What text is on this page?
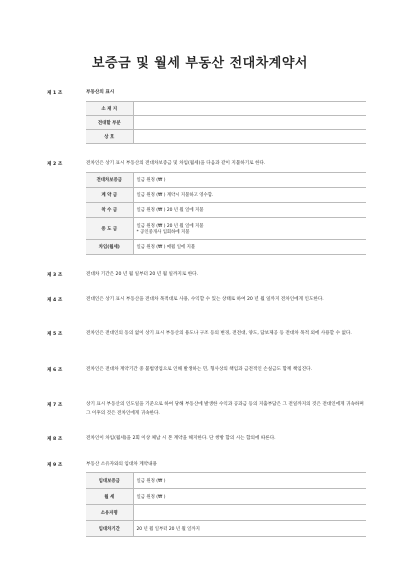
보증금 및 월세 부동산 전대차계약서
제 1 조	부동산의 표시
소 재 지	
전대할 부분	
상 호	
제 2 조	전차인은 상기 표시 부동산의 전대차보증금 및 차임(월세)을 다음과 같이 지불하기로 한다.
전대차보증금	일금 원정 (₩ )
계 약 금	일금 원정 (₩ ) 계약시 지불하고 영수함.
착 수 금	일금 원정 (₩ ) 20 년 월 일에 지불
중 도 금	일금 원정 (₩ ) 20 년 월 일에 지불
* 공인중개사 입회하에 지불

차임(월세)	일금 원정 (₩ ) 매월 일에 지불
제 3 조	전대차 기간은 20 년 월 일부터 20 년 월 일까지로 한다.
제 4 조	전대인은 상기 표시 부동산을 전대차 목적대로 사용, 수익할 수 있는 상태로 하여 20 년 월 일까지 전차인에게 인도한다.
제 5 조	전차인은 전대인의 동의 없이 상기 표시 부동산의 용도나 구조 등의 변경, 전전대, 양도, 담보제공 등 전대차 목적 외에 사용할 수 없다.
제 6 조	전차인은 전대차 계약기간 중 불법영업으로 인해 발생하는 민, 형사상의 책임과 금전적인 손실금도 함께 책임진다.
제 7 조	상기 표시 부동산의 인도일을 기준으로 하여 당해 부동산에 발생한 수익과 공과금 등의 지출부담은 그 전일까지의 것은 전대인에게 귀속하며 그 이후의 것은 전차인에게 귀속한다.
제 8 조	전차인이 차임(월세)을 2회 이상 체납 시 본 계약을 해지한다. 단 쌍방 합의 시는 합의에 따른다.
제 9 조	부동산 소유자와의 임대차 계약내용
임대보증금	일금 원정 (₩ )
월 세	일금 원정 (₩ )
소유자명	
임대차기간	20 년 월 일부터 20 년 월 일까지
